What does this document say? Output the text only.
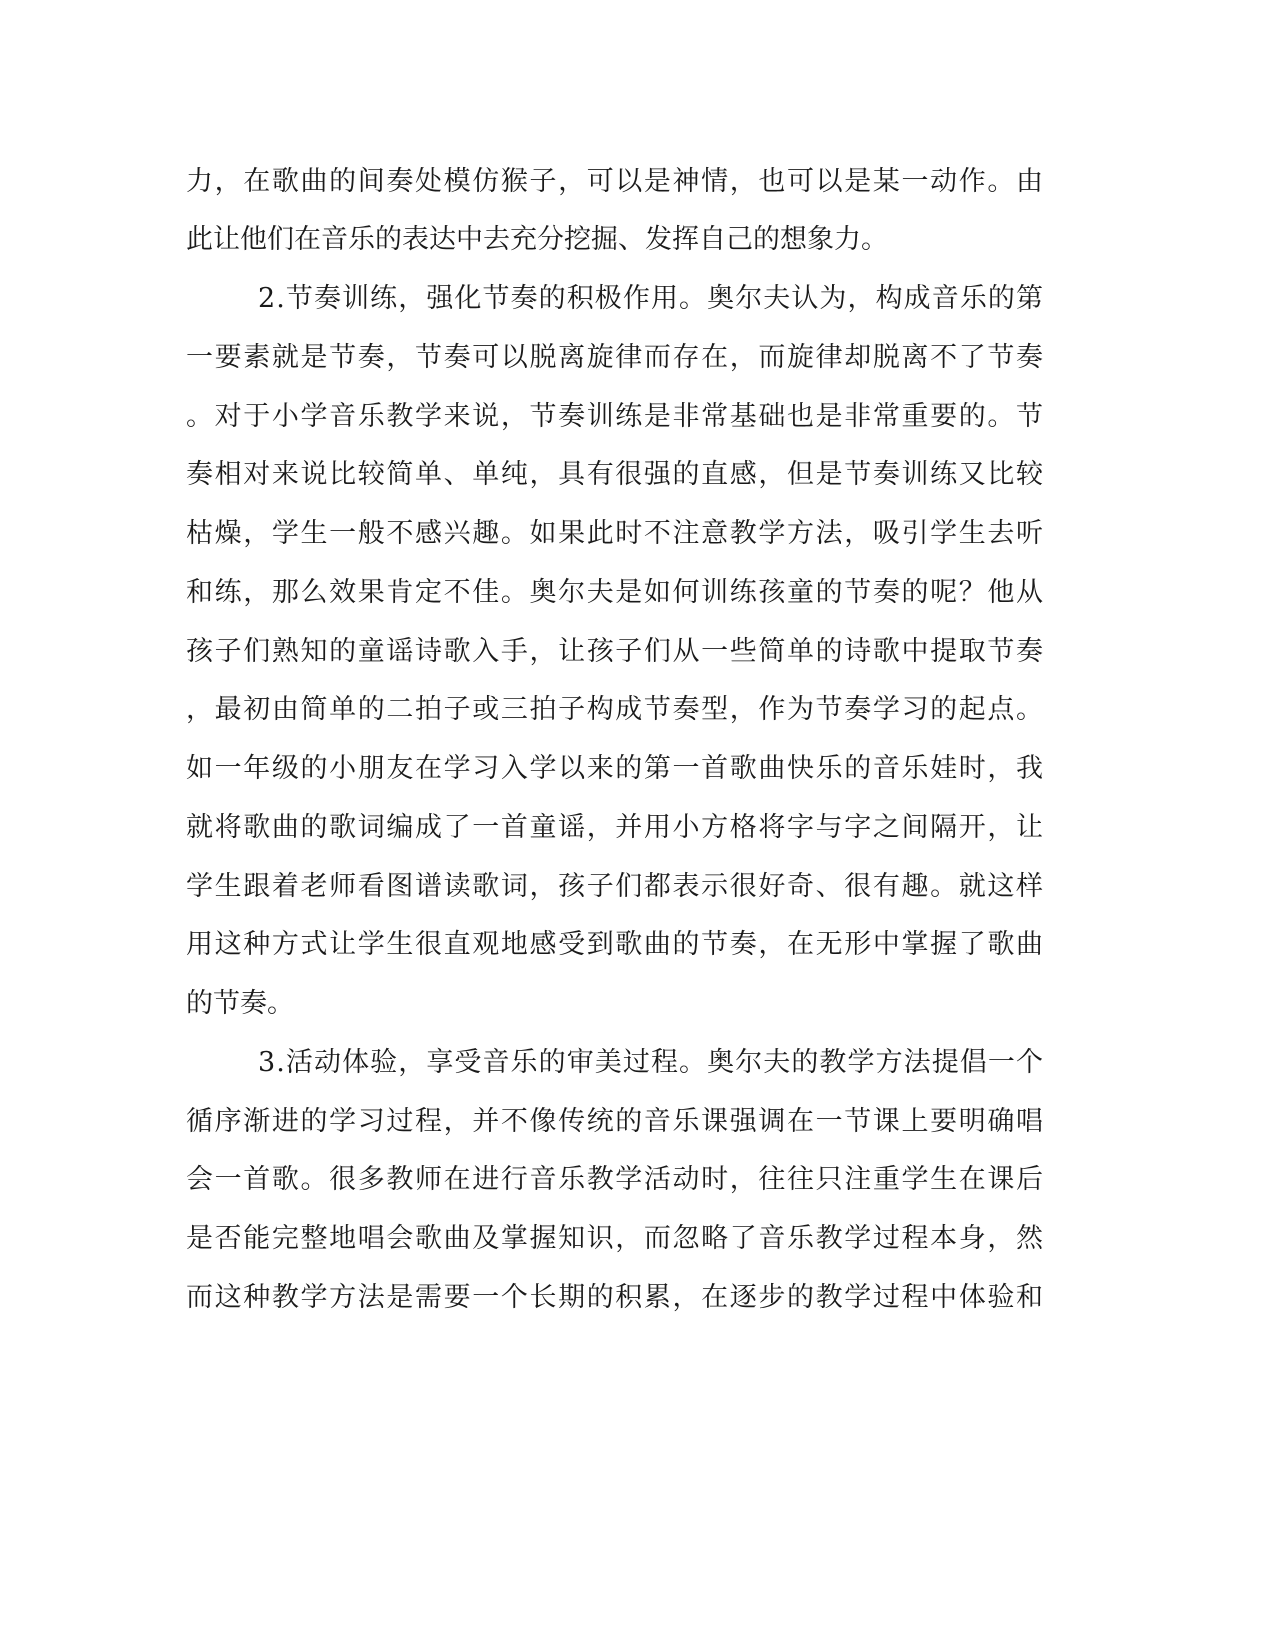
力，在歌曲的间奏处模仿猴子，可以是神情，也可以是某一动作。由
此让他们在音乐的表达中去充分挖掘、发挥自己的想象力。
2.节奏训练，强化节奏的积极作用。奥尔夫认为，构成音乐的第
一要素就是节奏，节奏可以脱离旋律而存在，而旋律却脱离不了节奏
。对于小学音乐教学来说，节奏训练是非常基础也是非常重要的。节
奏相对来说比较简单、单纯，具有很强的直感，但是节奏训练又比较
枯燥，学生一般不感兴趣。如果此时不注意教学方法，吸引学生去听
和练，那么效果肯定不佳。奥尔夫是如何训练孩童的节奏的呢？他从
孩子们熟知的童谣诗歌入手，让孩子们从一些简单的诗歌中提取节奏
，最初由简单的二拍子或三拍子构成节奏型，作为节奏学习的起点。
如一年级的小朋友在学习入学以来的第一首歌曲快乐的音乐娃时，我
就将歌曲的歌词编成了一首童谣，并用小方格将字与字之间隔开，让
学生跟着老师看图谱读歌词，孩子们都表示很好奇、很有趣。就这样
用这种方式让学生很直观地感受到歌曲的节奏，在无形中掌握了歌曲
的节奏。
3.活动体验，享受音乐的审美过程。奥尔夫的教学方法提倡一个
循序渐进的学习过程，并不像传统的音乐课强调在一节课上要明确唱
会一首歌。很多教师在进行音乐教学活动时，往往只注重学生在课后
是否能完整地唱会歌曲及掌握知识，而忽略了音乐教学过程本身，然
而这种教学方法是需要一个长期的积累，在逐步的教学过程中体验和
